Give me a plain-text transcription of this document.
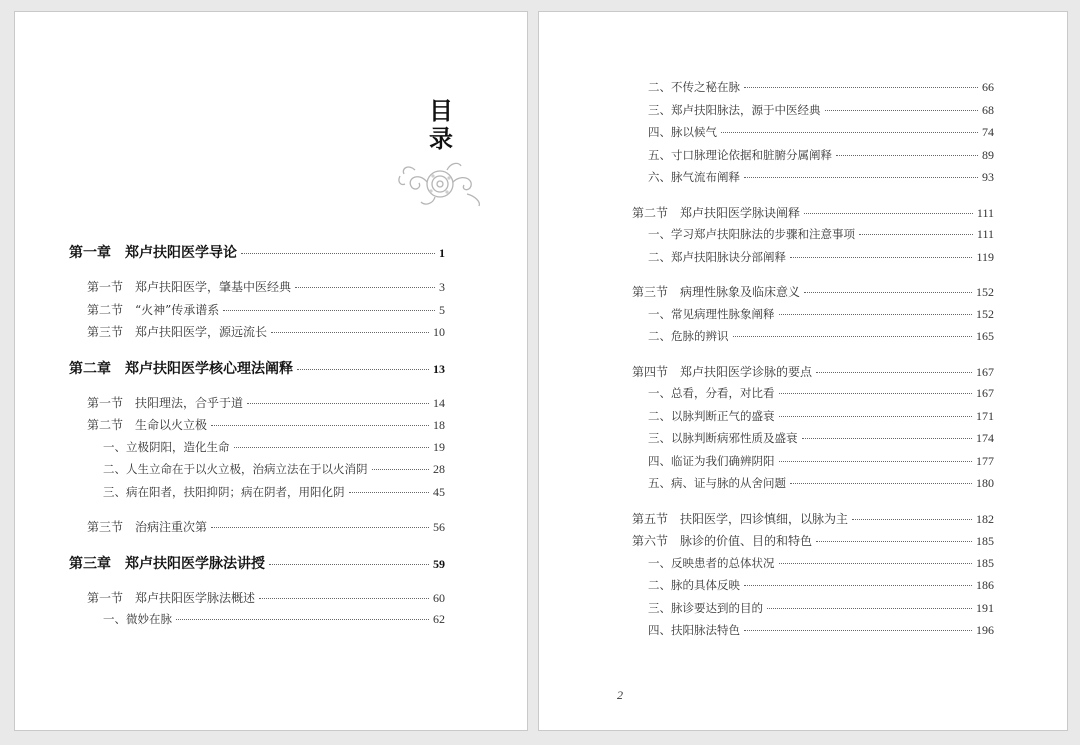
目录
第一章　郑卢扶阳医学导论	1
第一节　郑卢扶阳医学，肇基中医经典	3
第二节　“火神”传承谱系	5
第三节　郑卢扶阳医学，源远流长	10
第二章　郑卢扶阳医学核心理法阐释	13
第一节　扶阳理法，合乎于道	14
第二节　生命以火立极	18
一、立极阴阳，造化生命	19
二、人生立命在于以火立极，治病立法在于以火消阴	28
三、病在阳者，扶阳抑阴；病在阴者，用阳化阴	45
第三节　治病注重次第	56
第三章　郑卢扶阳医学脉法讲授	59
第一节　郑卢扶阳医学脉法概述	60
一、微妙在脉	62
二、不传之秘在脉	66
三、郑卢扶阳脉法，源于中医经典	68
四、脉以候气	74
五、寸口脉理论依据和脏腑分属阐释	89
六、脉气流布阐释	93
第二节　郑卢扶阳医学脉诀阐释	111
一、学习郑卢扶阳脉法的步骤和注意事项	111
二、郑卢扶阳脉诀分部阐释	119
第三节　病理性脉象及临床意义	152
一、常见病理性脉象阐释	152
二、危脉的辨识	165
第四节　郑卢扶阳医学诊脉的要点	167
一、总看，分看，对比看	167
二、以脉判断正气的盛衰	171
三、以脉判断病邪性质及盛衰	174
四、临证为我们确辨阴阳	177
五、病、证与脉的从舍问题	180
第五节　扶阳医学，四诊慎细，以脉为主	182
第六节　脉诊的价值、目的和特色	185
一、反映患者的总体状况	185
二、脉的具体反映	186
三、脉诊要达到的目的	191
四、扶阳脉法特色	196
2
